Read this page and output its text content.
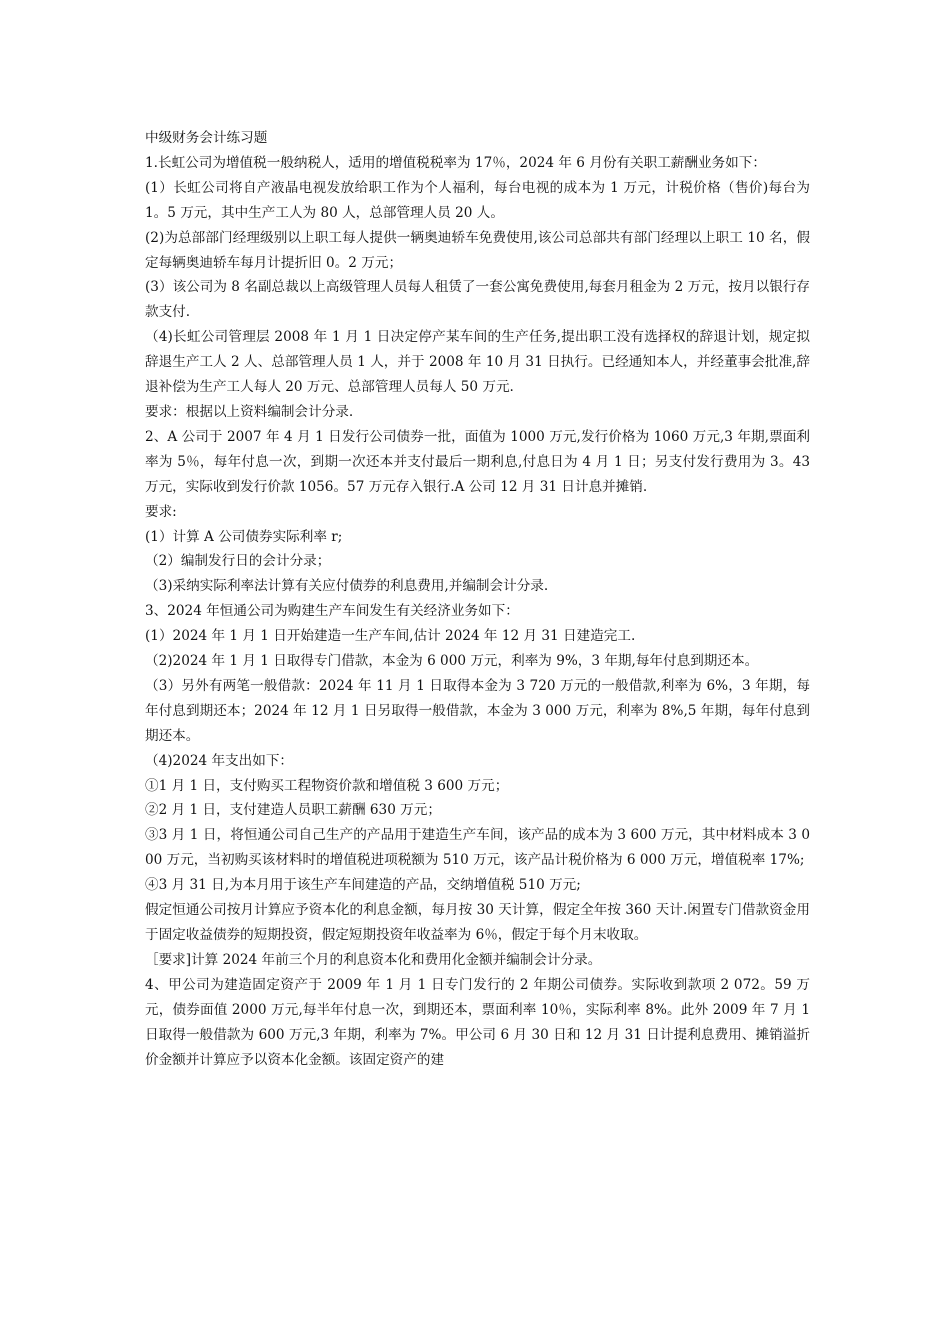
中级财务会计练习题

1.长虹公司为增值税一般纳税人，适用的增值税税率为 17％，2024 年 6 月份有关职工薪酬业务如下：

(1）长虹公司将自产液晶电视发放给职工作为个人福利，每台电视的成本为 1 万元，计税价格（售价)每台为 1。5 万元，其中生产工人为 80 人，总部管理人员 20 人。

(2)为总部部门经理级别以上职工每人提供一辆奥迪轿车免费使用,该公司总部共有部门经理以上职工 10 名，假定每辆奥迪轿车每月计提折旧 0。2 万元；

(3）该公司为 8 名副总裁以上高级管理人员每人租赁了一套公寓免费使用,每套月租金为 2 万元，按月以银行存款支付.

（4)长虹公司管理层 2008 年 1 月 1 日决定停产某车间的生产任务,提出职工没有选择权的辞退计划，规定拟辞退生产工人 2 人、总部管理人员 1 人，并于 2008 年 10 月 31 日执行。已经通知本人，并经董事会批准,辞退补偿为生产工人每人 20 万元、总部管理人员每人 50 万元.

要求：根据以上资料编制会计分录.

2、A 公司于 2007 年 4 月 1 日发行公司债券一批，面值为 1000 万元,发行价格为 1060 万元,3 年期,票面利率为 5％，每年付息一次，到期一次还本并支付最后一期利息,付息日为 4 月 1 日；另支付发行费用为 3。43 万元，实际收到发行价款 1056。57 万元存入银行.A 公司 12 月 31 日计息并摊销.

要求:

(1）计算 A 公司债券实际利率 r;

（2）编制发行日的会计分录；

（3)采纳实际利率法计算有关应付债券的利息费用,并编制会计分录.

3、2024 年恒通公司为购建生产车间发生有关经济业务如下：

(1）2024 年 1 月 1 日开始建造一生产车间,估计 2024 年 12 月 31 日建造完工.

（2)2024 年 1 月 1 日取得专门借款，本金为 6 000 万元，利率为 9%，3 年期,每年付息到期还本。

（3）另外有两笔一般借款：2024 年 11 月 1 日取得本金为 3 720 万元的一般借款,利率为 6%，3 年期，每年付息到期还本；2024 年 12 月 1 日另取得一般借款，本金为 3 000 万元，利率为 8%,5 年期，每年付息到期还本。

（4)2024 年支出如下：

①1 月 1 日，支付购买工程物资价款和增值税 3 600 万元；

②2 月 1 日，支付建造人员职工薪酬 630 万元；

③3 月 1 日，将恒通公司自己生产的产品用于建造生产车间，该产品的成本为 3 600 万元，其中材料成本 3 000 万元，当初购买该材料时的增值税进项税额为 510 万元，该产品计税价格为 6 000 万元，增值税率 17%;

④3 月 31 日,为本月用于该生产车间建造的产品，交纳增值税 510 万元;

假定恒通公司按月计算应予资本化的利息金额，每月按 30 天计算，假定全年按 360 天计.闲置专门借款资金用于固定收益债券的短期投资，假定短期投资年收益率为 6％，假定于每个月末收取。

［要求]计算 2024 年前三个月的利息资本化和费用化金额并编制会计分录。

4、甲公司为建造固定资产于 2009 年 1 月 1 日专门发行的 2 年期公司债券。实际收到款项 2 072。59 万元，债券面值 2000 万元,每半年付息一次，到期还本，票面利率 10％，实际利率 8%。此外 2009 年 7 月 1 日取得一般借款为 600 万元,3 年期，利率为 7%。甲公司 6 月 30 日和 12 月 31 日计提利息费用、摊销溢折价金额并计算应予以资本化金额。该固定资产的建
